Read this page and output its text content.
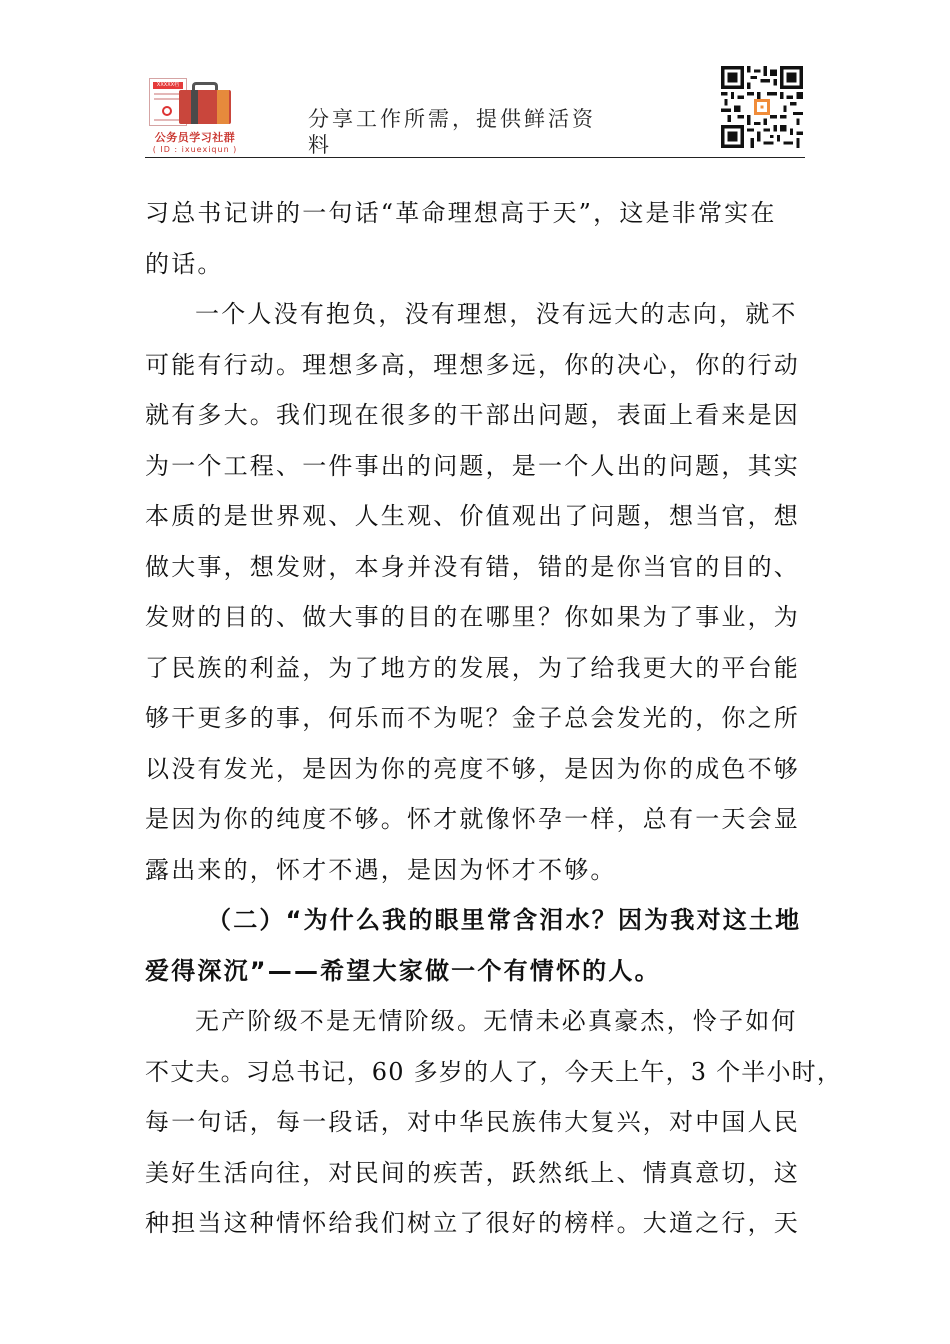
XXXXX档
公务员学习社群
( ID : ixuexiqun )
分享工作所需，提供鲜活资
料
习总书记讲的一句话“革命理想高于天”，这是非常实在
的话。
一个人没有抱负，没有理想，没有远大的志向，就不
可能有行动。理想多高，理想多远，你的决心，你的行动
就有多大。我们现在很多的干部出问题，表面上看来是因
为一个工程、一件事出的问题，是一个人出的问题，其实
本质的是世界观、人生观、价值观出了问题，想当官，想
做大事，想发财，本身并没有错，错的是你当官的目的、
发财的目的、做大事的目的在哪里？你如果为了事业，为
了民族的利益，为了地方的发展，为了给我更大的平台能
够干更多的事，何乐而不为呢？金子总会发光的，你之所
以没有发光，是因为你的亮度不够，是因为你的成色不够
是因为你的纯度不够。怀才就像怀孕一样，总有一天会显
露出来的，怀才不遇，是因为怀才不够。
（二）“为什么我的眼里常含泪水？因为我对这土地
爱得深沉”——希望大家做一个有情怀的人。
无产阶级不是无情阶级。无情未必真豪杰，怜子如何
不丈夫。习总书记，60 多岁的人了，今天上午，3 个半小时，
每一句话，每一段话，对中华民族伟大复兴，对中国人民
美好生活向往，对民间的疾苦，跃然纸上、情真意切，这
种担当这种情怀给我们树立了很好的榜样。大道之行，天
